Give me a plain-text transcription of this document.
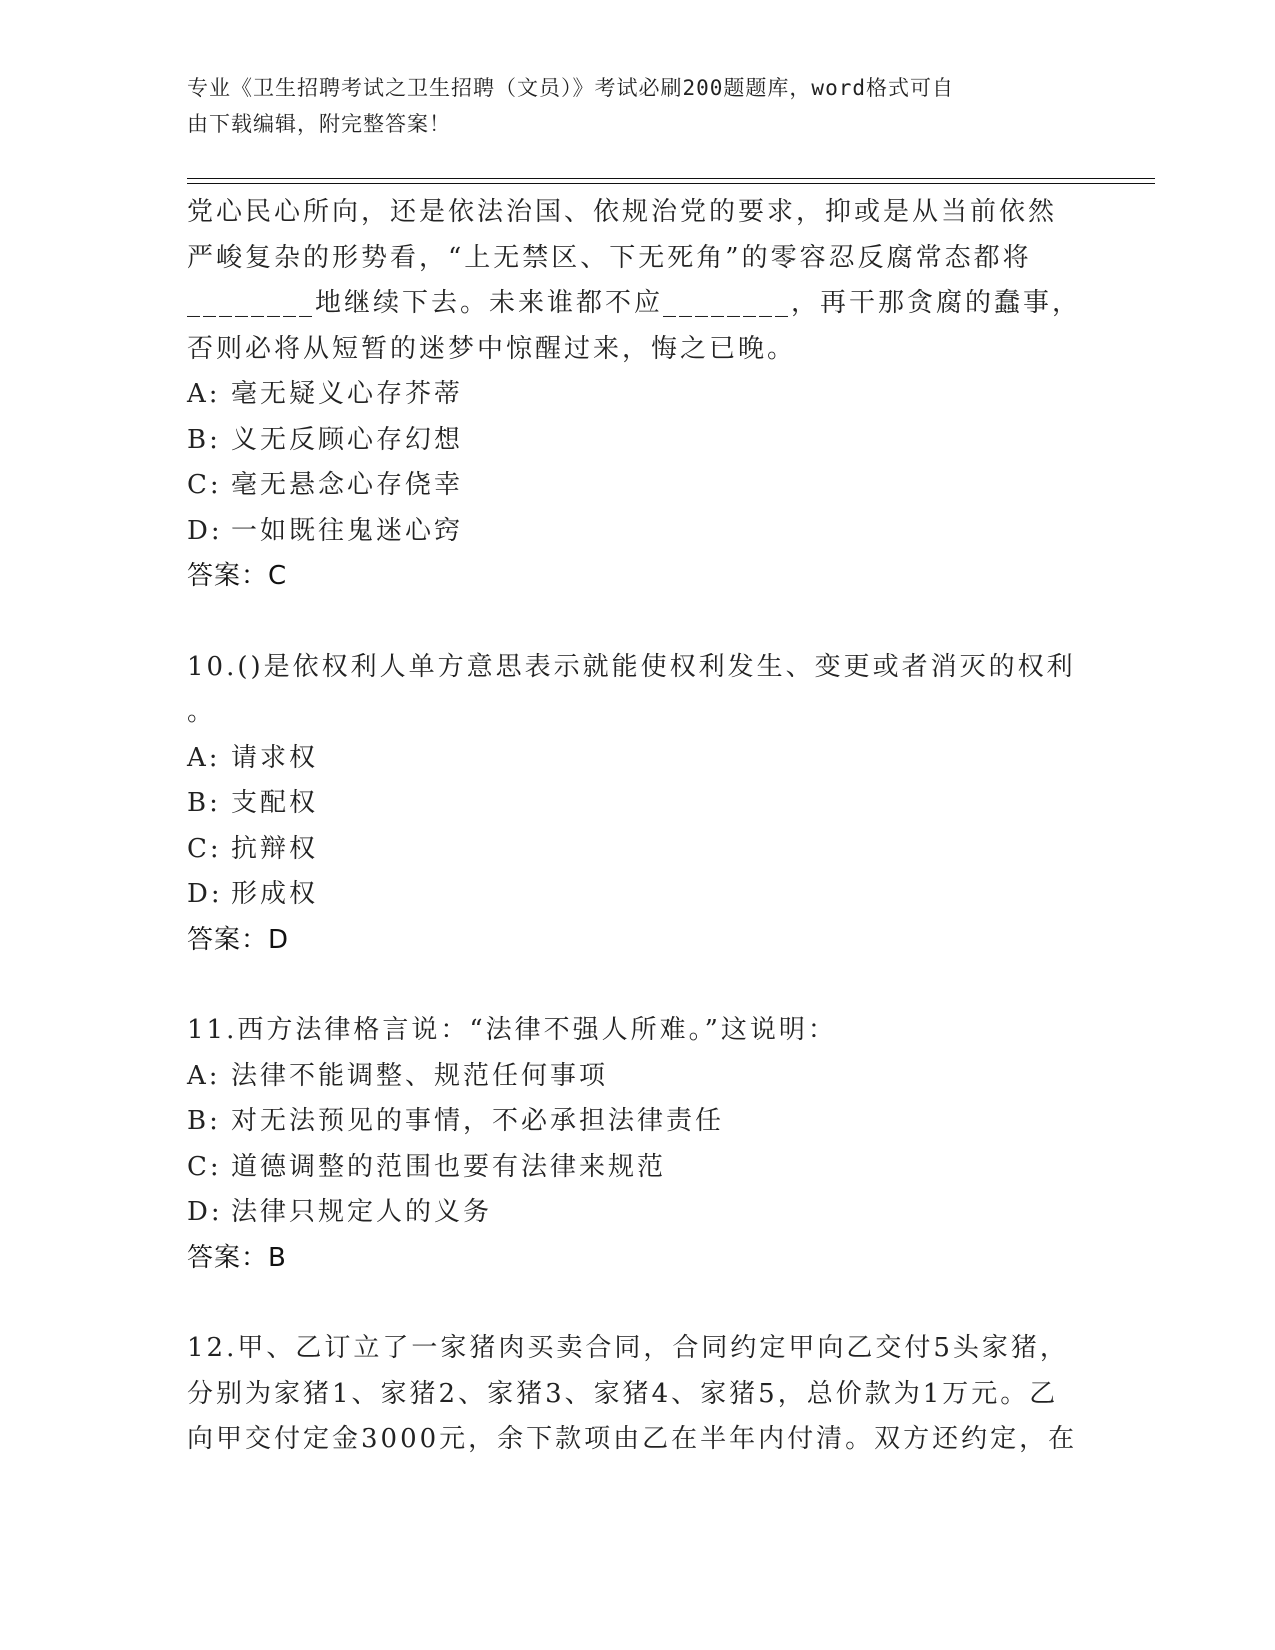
专业《卫生招聘考试之卫生招聘（文员）》考试必刷200题题库，word格式可自
由下载编辑，附完整答案！
党心民心所向，还是依法治国、依规治党的要求，抑或是从当前依然
严峻复杂的形势看，“上无禁区、下无死角”的零容忍反腐常态都将
________地继续下去。未来谁都不应________，再干那贪腐的蠢事，
否则必将从短暂的迷梦中惊醒过来，悔之已晚。
A: 毫无疑义心存芥蒂
B: 义无反顾心存幻想
C: 毫无悬念心存侥幸
D: 一如既往鬼迷心窍
答案：C
10.()是依权利人单方意思表示就能使权利发生、变更或者消灭的权利
。
A: 请求权
B: 支配权
C: 抗辩权
D: 形成权
答案：D
11.西方法律格言说：“法律不强人所难。”这说明：
A: 法律不能调整、规范任何事项
B: 对无法预见的事情，不必承担法律责任
C: 道德调整的范围也要有法律来规范
D: 法律只规定人的义务
答案：B
12.甲、乙订立了一家猪肉买卖合同，合同约定甲向乙交付5头家猪，
分别为家猪1、家猪2、家猪3、家猪4、家猪5，总价款为1万元。乙
向甲交付定金3000元，余下款项由乙在半年内付清。双方还约定，在
